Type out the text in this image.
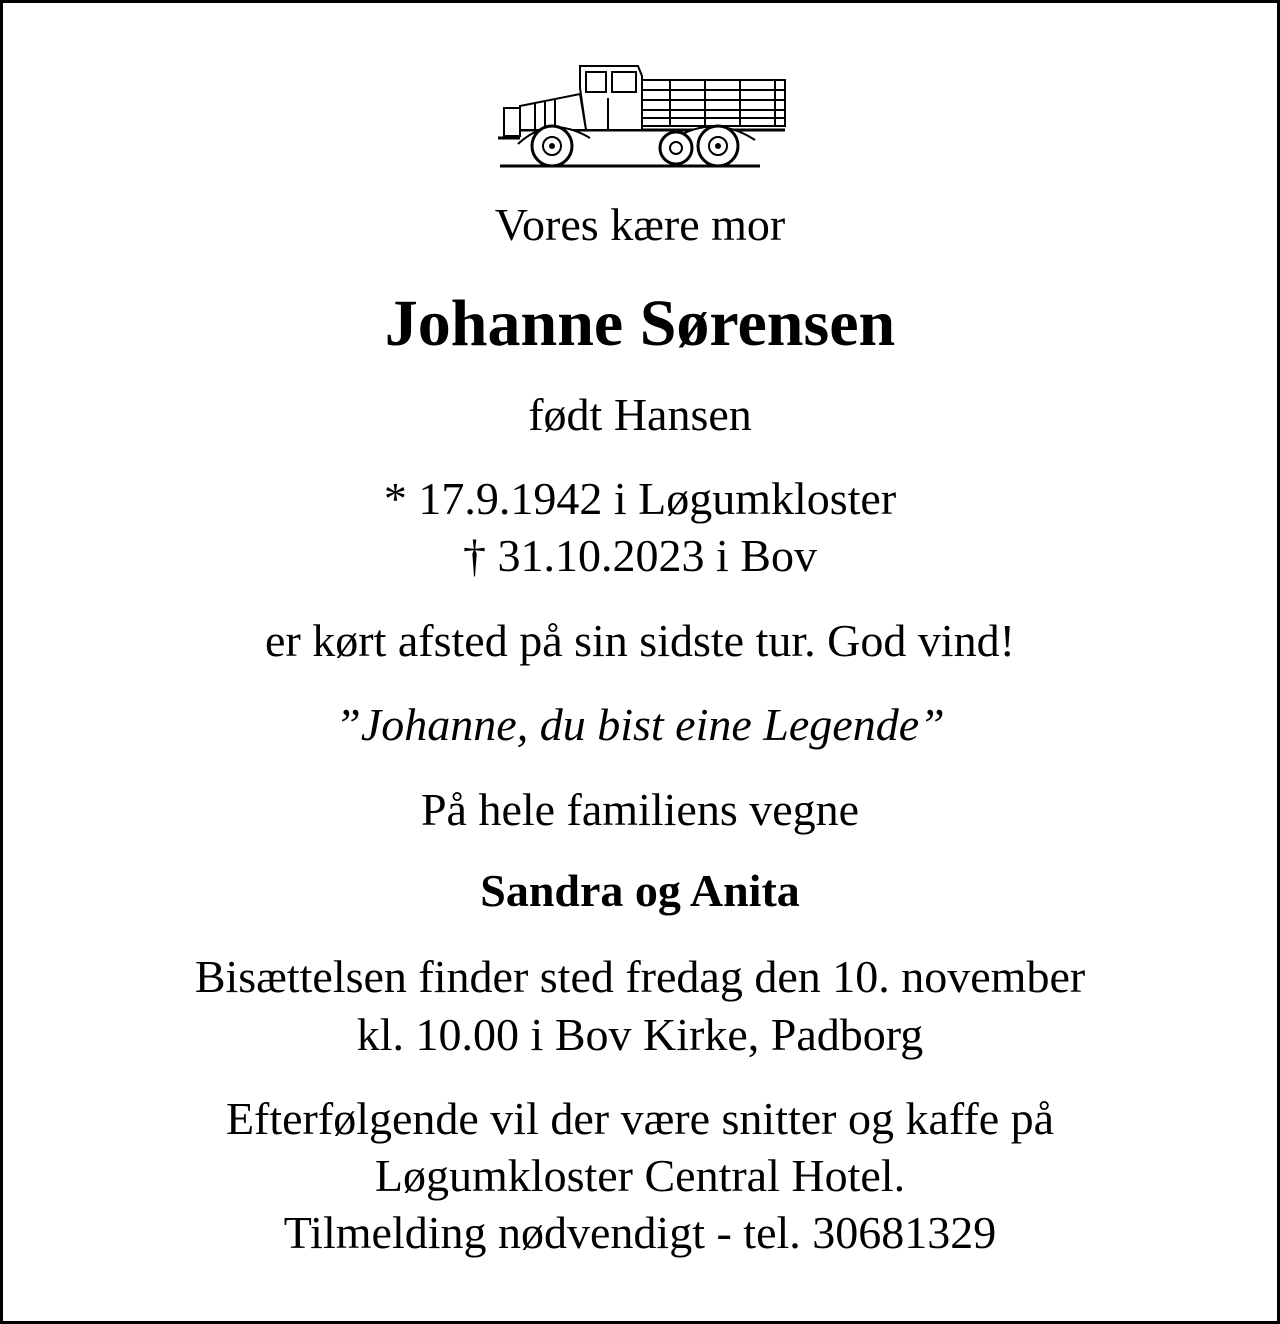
Vores kære mor
Johanne Sørensen
født Hansen
* 17.9.1942 i Løgumkloster
† 31.10.2023 i Bov
er kørt afsted på sin sidste tur. God vind!
”Johanne, du bist eine Legende”
På hele familiens vegne
Sandra og Anita
Bisættelsen finder sted fredag den 10. november
kl. 10.00 i Bov Kirke, Padborg
Efterfølgende vil der være snitter og kaffe på
Løgumkloster Central Hotel.
Tilmelding nødvendigt - tel. 30681329
